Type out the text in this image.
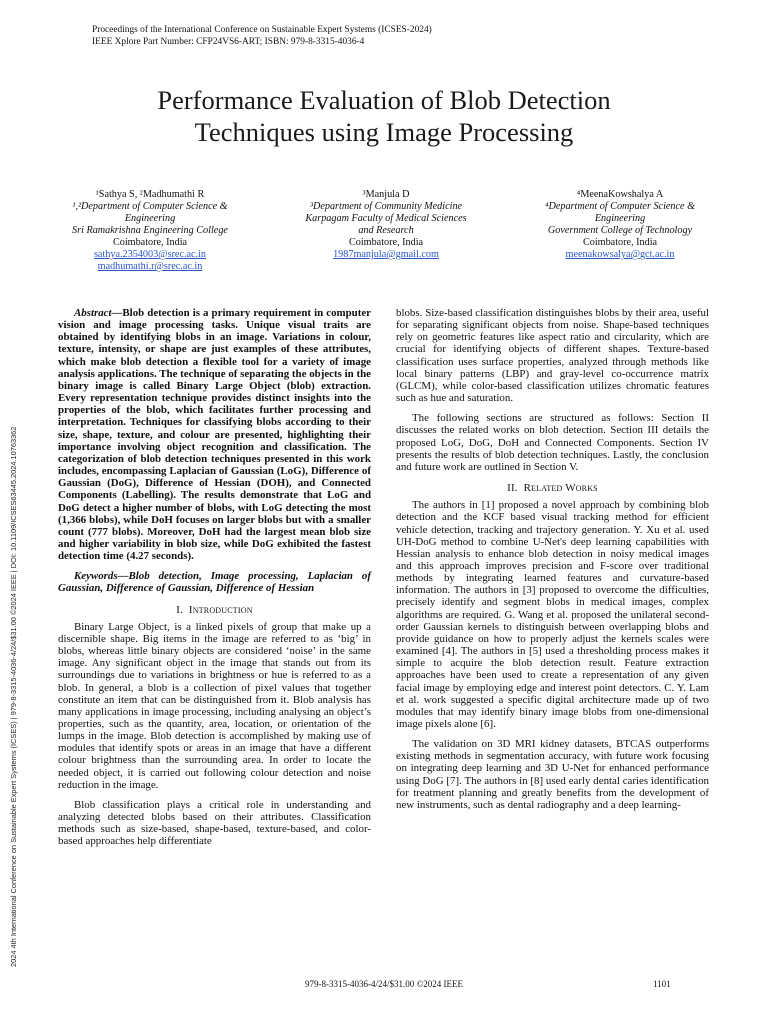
Proceedings of the International Conference on Sustainable Expert Systems (ICSES-2024)
IEEE Xplore Part Number: CFP24VS6-ART; ISBN: 979-8-3315-4036-4
Performance Evaluation of Blob Detection
Techniques using Image Processing
¹Sathya S, ²Madhumathi R
¹,²Department of Computer Science &
Engineering
Sri Ramakrishna Engineering College
Coimbatore, India
sathya.2354003@srec.ac.in
madhumathi.r@srec.ac.in
³Manjula D
³Department of Community Medicine
Karpagam Faculty of Medical Sciences
and Research
Coimbatore, India
1987manjula@gmail.com
⁴MeenaKowshalya A
⁴Department of Computer Science &
Engineering
Government College of Technology
Coimbatore, India
meenakowsalya@gct.ac.in
2024 4th International Conference on Sustainable Expert Systems (ICSES) | 979-8-3315-4036-4/24/$31.00 ©2024 IEEE | DOI: 10.1109/ICSES63445.2024.10763362

Abstract—Blob detection is a primary requirement in computer vision and image processing tasks. Unique visual traits are obtained by identifying blobs in an image. Variations in colour, texture, intensity, or shape are just examples of these attributes, which make blob detection a flexible tool for a variety of image analysis applications. The technique of separating the objects in the binary image is called Binary Large Object (blob) extraction. Every representation technique provides distinct insights into the properties of the blob, which facilitates further processing and interpretation. Techniques for classifying blobs according to their size, shape, texture, and colour are presented, highlighting their importance involving object recognition and classification. The categorization of blob detection techniques presented in this work includes, encompassing Laplacian of Gaussian (LoG), Difference of Gaussian (DoG), Difference of Hessian (DOH), and Connected Components (Labelling). The results demonstrate that LoG and DoG detect a higher number of blobs, with LoG detecting the most (1,366 blobs), while DoH focuses on larger blobs but with a smaller count (777 blobs). Moreover, DoH had the largest mean blob size and higher variability in blob size, while DoG exhibited the fastest detection time (4.27 seconds).

Keywords—Blob detection, Image processing, Laplacian of Gaussian, Difference of Gaussian, Difference of Hessian

I. Introduction

Binary Large Object, is a linked pixels of group that make up a discernible shape. Big items in the image are referred to as ‘big’ in blobs, whereas little binary objects are considered ‘noise’ in the same image. Any significant object in the image that stands out from its surroundings due to variations in brightness or hue is referred to as a blob. In general, a blob is a collection of pixel values that together constitute an item that can be distinguished from it. Blob analysis has many applications in image processing, including analysing an object’s properties, such as the quantity, area, location, or orientation of the lumps in the image. Blob detection is accomplished by making use of modules that identify spots or areas in an image that have a different colour brightness than the surrounding area. In order to locate the needed object, it is carried out following colour detection and noise reduction in the image.

Blob classification plays a critical role in understanding and analyzing detected blobs based on their attributes. Classification methods such as size-based, shape-based, texture-based, and color-based approaches help differentiate

blobs. Size-based classification distinguishes blobs by their area, useful for separating significant objects from noise. Shape-based techniques rely on geometric features like aspect ratio and circularity, which are crucial for identifying objects of different shapes. Texture-based classification uses surface properties, analyzed through methods like local binary patterns (LBP) and gray-level co-occurrence matrix (GLCM), while color-based classification utilizes chromatic features such as hue and saturation.

The following sections are structured as follows: Section II discusses the related works on blob detection. Section III details the proposed LoG, DoG, DoH and Connected Components. Section IV presents the results of blob detection techniques. Lastly, the conclusion and future work are outlined in Section V.

II. Related Works

The authors in [1] proposed a novel approach by combining blob detection and the KCF based visual tracking method for efficient vehicle detection, tracking and trajectory generation. Y. Xu et al. used UH-DoG method to combine U-Net's deep learning capabilities with Hessian analysis to enhance blob detection in noisy medical images and this approach improves precision and F-score over traditional methods by integrating learned features and curvature-based information. The authors in [3] proposed to overcome the difficulties, precisely identify and segment blobs in medical images, complex algorithms are required. G. Wang et al. proposed the unilateral second-order Gaussian kernels to distinguish between overlapping blobs and provide guidance on how to properly adjust the kernels scales were examined [4]. The authors in [5] used a thresholding process makes it simple to acquire the blob detection result. Feature extraction approaches have been used to create a representation of any given facial image by employing edge and interest point detectors. C. Y. Lam et al. work suggested a specific digital architecture made up of two modules that may identify binary image blobs from one-dimensional image pixels alone [6].

The validation on 3D MRI kidney datasets, BTCAS outperforms existing methods in segmentation accuracy, with future work focusing on integrating deep learning and 3D U-Net for enhanced performance using DoG [7]. The authors in [8] used early dental caries identification for treatment planning and greatly benefits from the development of new instruments, such as dental radiography and a deep learning-

979-8-3315-4036-4/24/$31.00 ©2024 IEEE	1101
